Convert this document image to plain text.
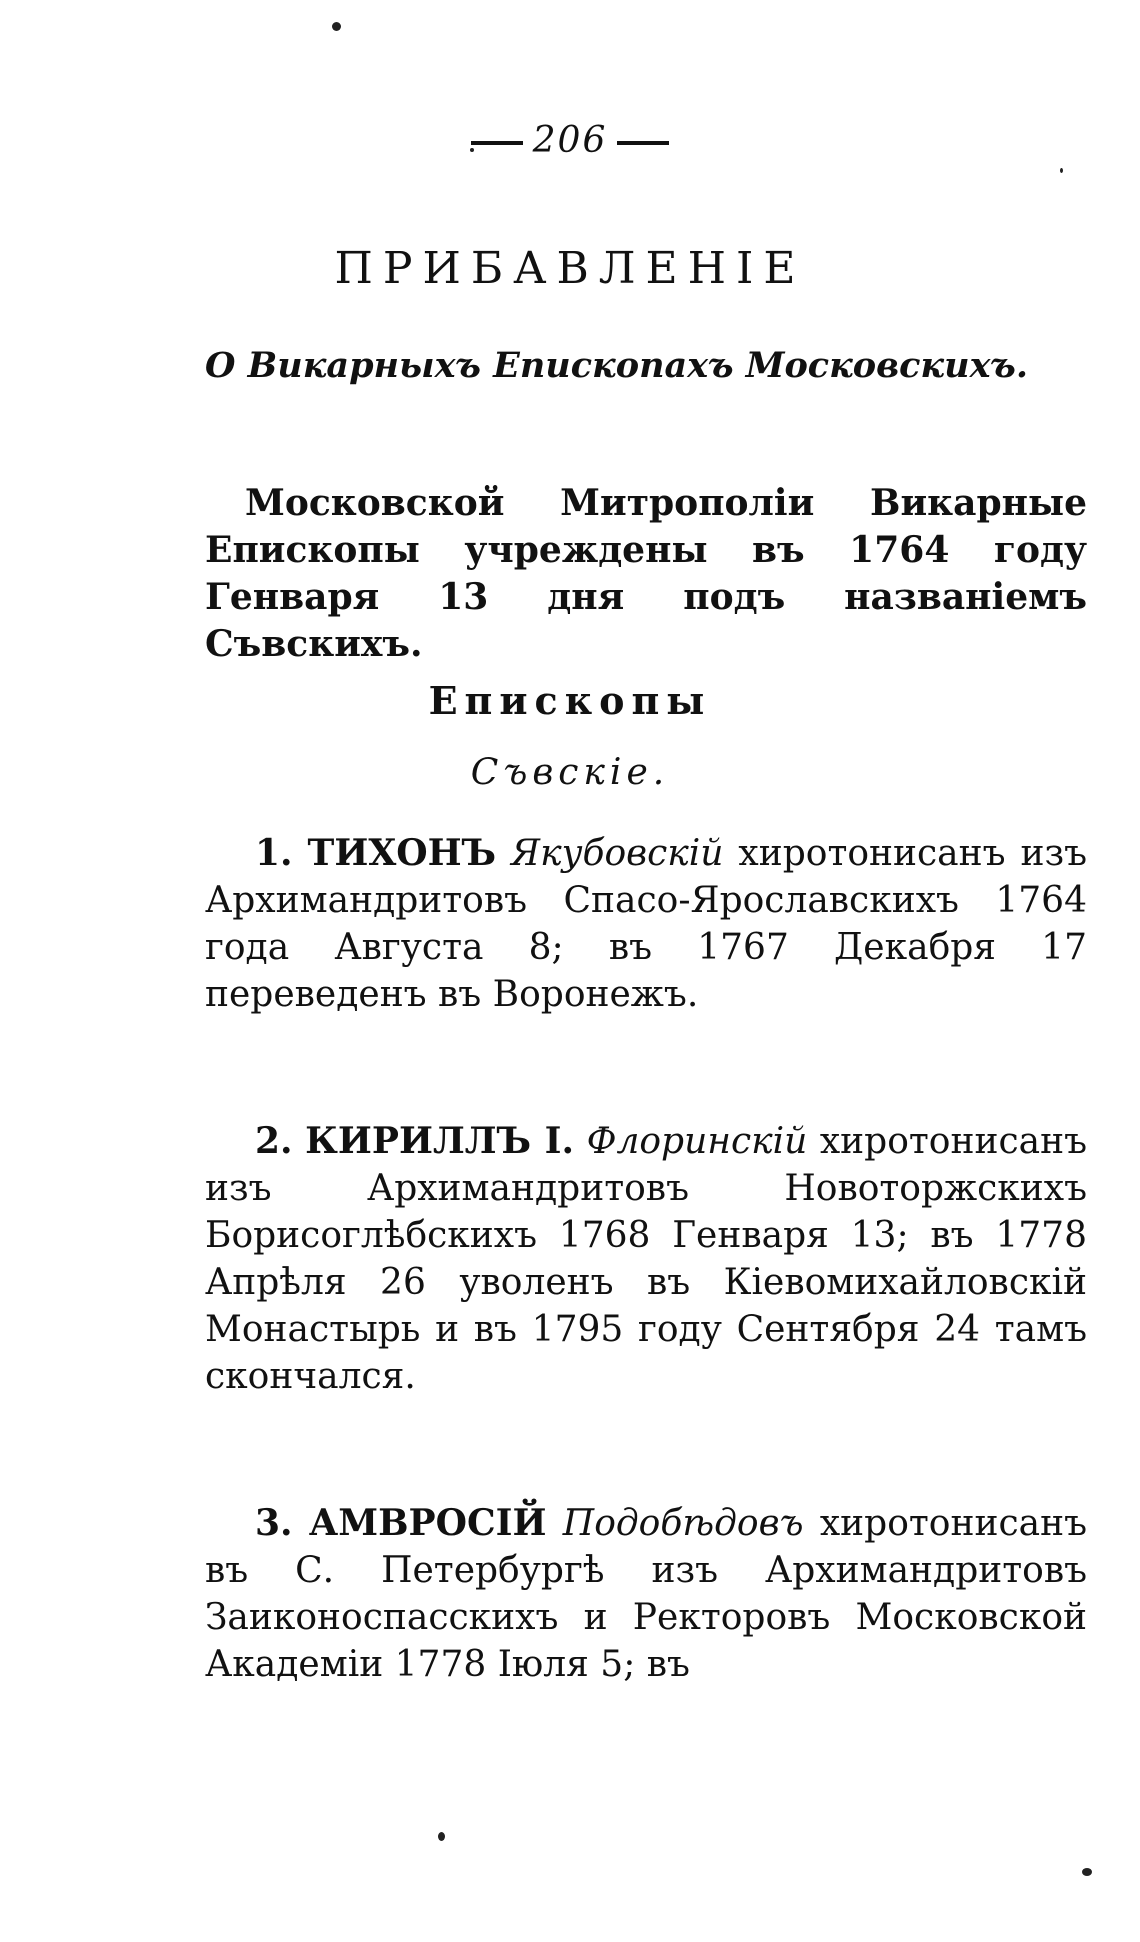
206
ПРИБАВЛЕНІЕ

О Викарныхъ Епископахъ Московскихъ.

Московской Митрополіи Викарные Епископы учреждены въ 1764 году Генваря 13 дня подъ названіемъ Съвскихъ.

Епископы

Съвскіе.

1. ТИХОНЪ Якубовскій хиротонисанъ изъ Архимандритовъ Спасо-Ярославскихъ 1764 года Августа 8; въ 1767 Декабря 17 переведенъ въ Воронежъ.

2. КИРИЛЛЪ I. Флоринскій хиротонисанъ изъ Архимандритовъ Новоторжскихъ Борисоглѣбскихъ 1768 Генваря 13; въ 1778 Апрѣля 26 уволенъ въ Кіевомихайловскій Монастырь и въ 1795 году Сентября 24 тамъ скончался.

3. АМВРОСІЙ Подобѣдовъ хиротонисанъ въ С. Петербургѣ изъ Архимандритовъ Заиконоспасскихъ и Ректоровъ Московской Академіи 1778 Іюля 5; въ
